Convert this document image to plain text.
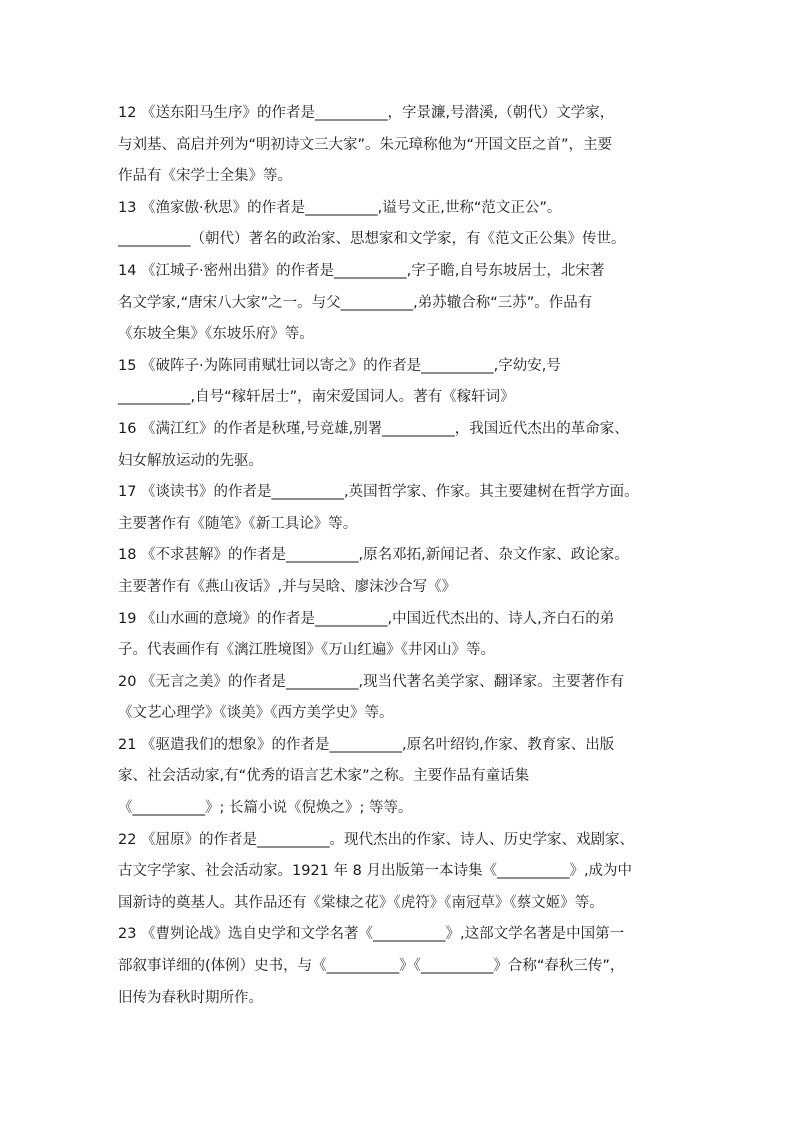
12 《送东阳马生序》的作者是__________，字景濂,号潜溪,（朝代）文学家，
与刘基、高启并列为“明初诗文三大家”。朱元璋称他为“开国文臣之首”，主要
作品有《宋学士全集》等。
13 《渔家傲·秋思》的作者是__________,谥号文正,世称“范文正公”。
__________（朝代）著名的政治家、思想家和文学家，有《范文正公集》传世。
14 《江城子·密州出猎》的作者是__________,字子瞻,自号东坡居士，北宋著
名文学家,“唐宋八大家”之一。与父__________,弟苏辙合称“三苏”。作品有
《东坡全集》《东坡乐府》等。
15 《破阵子·为陈同甫赋壮词以寄之》的作者是__________,字幼安,号
__________,自号“稼轩居士”，南宋爱国词人。著有《稼轩词》
16 《满江红》的作者是秋瑾,号竞雄,别署__________，我国近代杰出的革命家、
妇女解放运动的先驱。
17 《谈读书》的作者是__________,英国哲学家、作家。其主要建树在哲学方面。
主要著作有《随笔》《新工具论》等。
18 《不求甚解》的作者是__________,原名邓拓,新闻记者、杂文作家、政论家。
主要著作有《燕山夜话》,并与吴晗、廖沫沙合写《》
19 《山水画的意境》的作者是__________,中国近代杰出的、诗人,齐白石的弟
子。代表画作有《漓江胜境图》《万山红遍》《井冈山》等。
20 《无言之美》的作者是__________,现当代著名美学家、翻译家。主要著作有
《文艺心理学》《谈美》《西方美学史》等。
21 《驱遣我们的想象》的作者是__________,原名叶绍钧,作家、教育家、出版
家、社会活动家,有“优秀的语言艺术家”之称。主要作品有童话集
《__________》; 长篇小说《倪焕之》; 等等。
22 《屈原》的作者是__________。现代杰出的作家、诗人、历史学家、戏剧家、
古文字学家、社会活动家。1921 年 8 月出版第一本诗集《__________》,成为中
国新诗的奠基人。其作品还有《棠棣之花》《虎符》《南冠草》《蔡文姬》等。
23 《曹刿论战》选自史学和文学名著《__________》,这部文学名著是中国第一
部叙事详细的(体例）史书，与《__________》《__________》合称“春秋三传”，
旧传为春秋时期所作。
